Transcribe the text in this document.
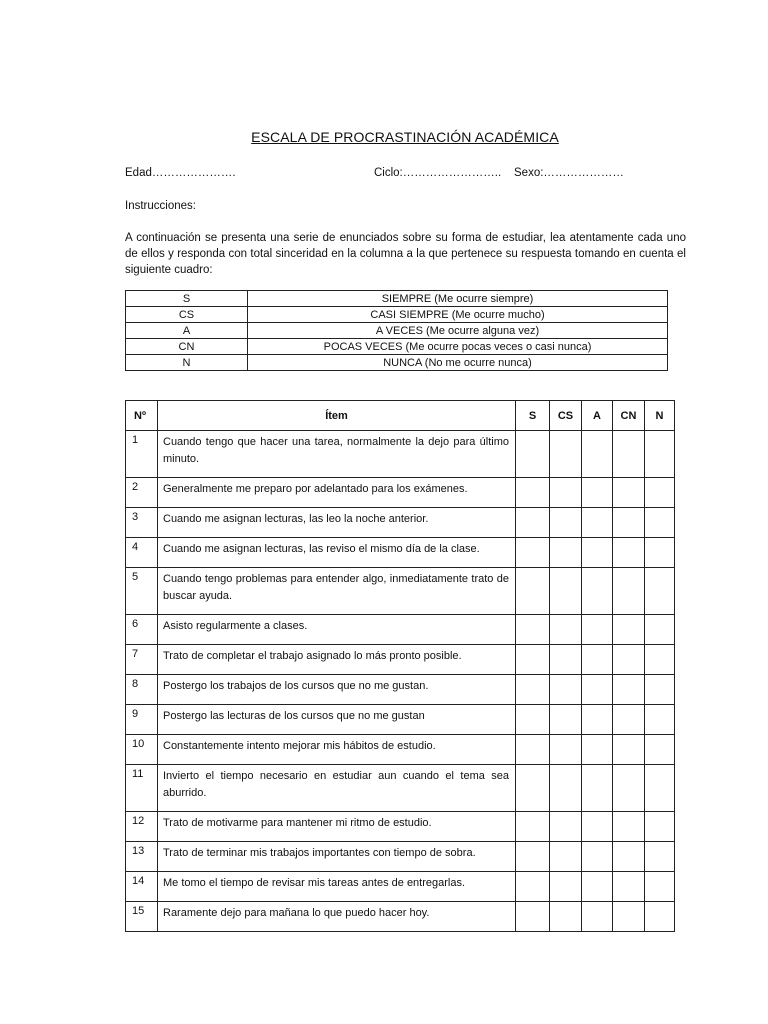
ESCALA DE PROCRASTINACIÓN ACADÉMICA
Edad………………….	Ciclo:…………………….. Sexo:…………………
Instrucciones:

A continuación se presenta una serie de enunciados sobre su forma de estudiar, lea atentamente cada uno de ellos y responda con total sinceridad en la columna a la que pertenece su respuesta tomando en cuenta el siguiente cuadro:

S	SIEMPRE (Me ocurre siempre)
CS	CASI SIEMPRE (Me ocurre mucho)
A	A VECES (Me ocurre alguna vez)
CN	POCAS VECES (Me ocurre pocas veces o casi nunca)
N	NUNCA (No me ocurre nunca)
Nº	Ítem	S	CS	A	CN	N
1	Cuando tengo que hacer una tarea, normalmente la dejo para último minuto.					
2	Generalmente me preparo por adelantado para los exámenes.					
3	Cuando me asignan lecturas, las leo la noche anterior.					
4	Cuando me asignan lecturas, las reviso el mismo día de la clase.					
5	Cuando tengo problemas para entender algo, inmediatamente trato de buscar ayuda.					
6	Asisto regularmente a clases.					
7	Trato de completar el trabajo asignado lo más pronto posible.					
8	Postergo los trabajos de los cursos que no me gustan.					
9	Postergo las lecturas de los cursos que no me gustan					
10	Constantemente intento mejorar mis hábitos de estudio.					
11	Invierto el tiempo necesario en estudiar aun cuando el tema sea aburrido.					
12	Trato de motivarme para mantener mi ritmo de estudio.					
13	Trato de terminar mis trabajos importantes con tiempo de sobra.					
14	Me tomo el tiempo de revisar mis tareas antes de entregarlas.					
15	Raramente dejo para mañana lo que puedo hacer hoy.					
